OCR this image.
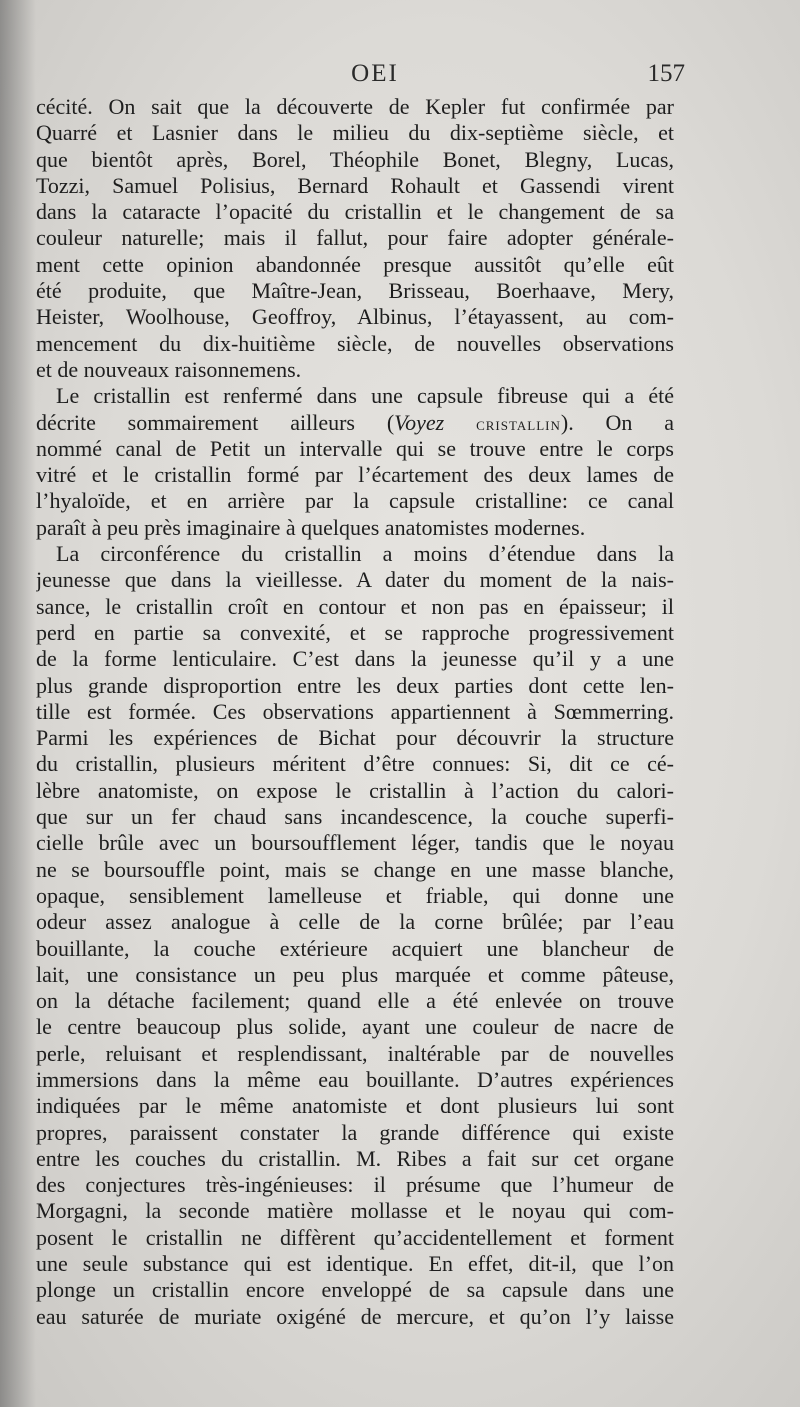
OEI	157
cécité. On sait que la découverte de Kepler fut confirmée par
Quarré et Lasnier dans le milieu du dix-septième siècle, et
que bientôt après, Borel, Théophile Bonet, Blegny, Lucas,
Tozzi, Samuel Polisius, Bernard Rohault et Gassendi virent
dans la cataracte l’opacité du cristallin et le changement de sa
couleur naturelle; mais il fallut, pour faire adopter générale-
ment cette opinion abandonnée presque aussitôt qu’elle eût
été produite, que Maître-Jean, Brisseau, Boerhaave, Mery,
Heister, Woolhouse, Geoffroy, Albinus, l’étayassent, au com-
mencement du dix-huitième siècle, de nouvelles observations
et de nouveaux raisonnemens.
Le cristallin est renfermé dans une capsule fibreuse qui a été
décrite sommairement ailleurs (Voyez cristallin). On a
nommé canal de Petit un intervalle qui se trouve entre le corps
vitré et le cristallin formé par l’écartement des deux lames de
l’hyaloïde, et en arrière par la capsule cristalline: ce canal
paraît à peu près imaginaire à quelques anatomistes modernes.
La circonférence du cristallin a moins d’étendue dans la
jeunesse que dans la vieillesse. A dater du moment de la nais-
sance, le cristallin croît en contour et non pas en épaisseur; il
perd en partie sa convexité, et se rapproche progressivement
de la forme lenticulaire. C’est dans la jeunesse qu’il y a une
plus grande disproportion entre les deux parties dont cette len-
tille est formée. Ces observations appartiennent à Sœmmerring.
Parmi les expériences de Bichat pour découvrir la structure
du cristallin, plusieurs méritent d’être connues: Si, dit ce cé-
lèbre anatomiste, on expose le cristallin à l’action du calori-
que sur un fer chaud sans incandescence, la couche superfi-
cielle brûle avec un boursoufflement léger, tandis que le noyau
ne se boursouffle point, mais se change en une masse blanche,
opaque, sensiblement lamelleuse et friable, qui donne une
odeur assez analogue à celle de la corne brûlée; par l’eau
bouillante, la couche extérieure acquiert une blancheur de
lait, une consistance un peu plus marquée et comme pâteuse,
on la détache facilement; quand elle a été enlevée on trouve
le centre beaucoup plus solide, ayant une couleur de nacre de
perle, reluisant et resplendissant, inaltérable par de nouvelles
immersions dans la même eau bouillante. D’autres expériences
indiquées par le même anatomiste et dont plusieurs lui sont
propres, paraissent constater la grande différence qui existe
entre les couches du cristallin. M. Ribes a fait sur cet organe
des conjectures très-ingénieuses: il présume que l’humeur de
Morgagni, la seconde matière mollasse et le noyau qui com-
posent le cristallin ne diffèrent qu’accidentellement et forment
une seule substance qui est identique. En effet, dit-il, que l’on
plonge un cristallin encore enveloppé de sa capsule dans une
eau saturée de muriate oxigéné de mercure, et qu’on l’y laisse
